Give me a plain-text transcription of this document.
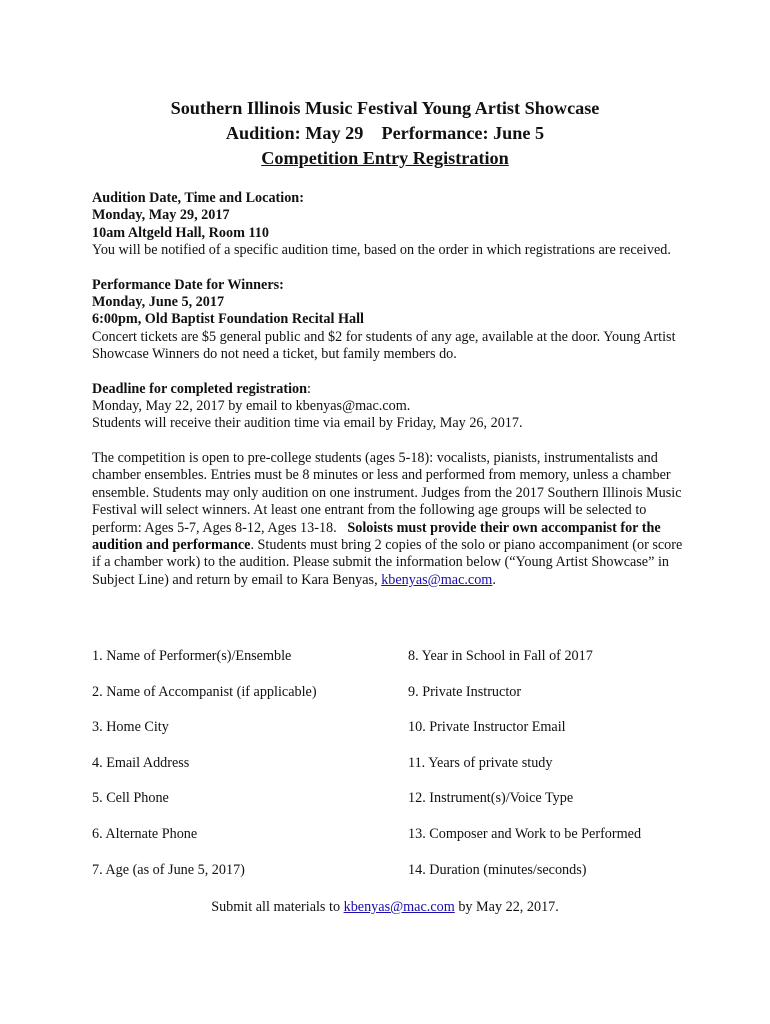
Southern Illinois Music Festival Young Artist Showcase
Audition: May 29    Performance: June 5
Competition Entry Registration
Audition Date, Time and Location:
Monday, May 29, 2017
10am Altgeld Hall, Room 110
You will be notified of a specific audition time, based on the order in which registrations are received.
Performance Date for Winners:
Monday, June 5, 2017
6:00pm, Old Baptist Foundation Recital Hall
Concert tickets are $5 general public and $2 for students of any age, available at the door. Young Artist Showcase Winners do not need a ticket, but family members do.
Deadline for completed registration:
Monday, May 22, 2017 by email to kbenyas@mac.com.
Students will receive their audition time via email by Friday, May 26, 2017.

The competition is open to pre-college students (ages 5-18): vocalists, pianists, instrumentalists and chamber ensembles. Entries must be 8 minutes or less and performed from memory, unless a chamber ensemble. Students may only audition on one instrument. Judges from the 2017 Southern Illinois Music Festival will select winners. At least one entrant from the following age groups will be selected to perform: Ages 5-7, Ages 8-12, Ages 13-18.   Soloists must provide their own accompanist for the audition and performance. Students must bring 2 copies of the solo or piano accompaniment (or score if a chamber work) to the audition. Please submit the information below (“Young Artist Showcase” in Subject Line) and return by email to Kara Benyas, kbenyas@mac.com.

1. Name of Performer(s)/Ensemble	8. Year in School in Fall of 2017
2. Name of Accompanist (if applicable)	9. Private Instructor
3. Home City	10. Private Instructor Email
4. Email Address	11. Years of private study
5. Cell Phone	12. Instrument(s)/Voice Type
6. Alternate Phone	13. Composer and Work to be Performed
7. Age (as of June 5, 2017)	14. Duration (minutes/seconds)
Submit all materials to kbenyas@mac.com by May 22, 2017.
